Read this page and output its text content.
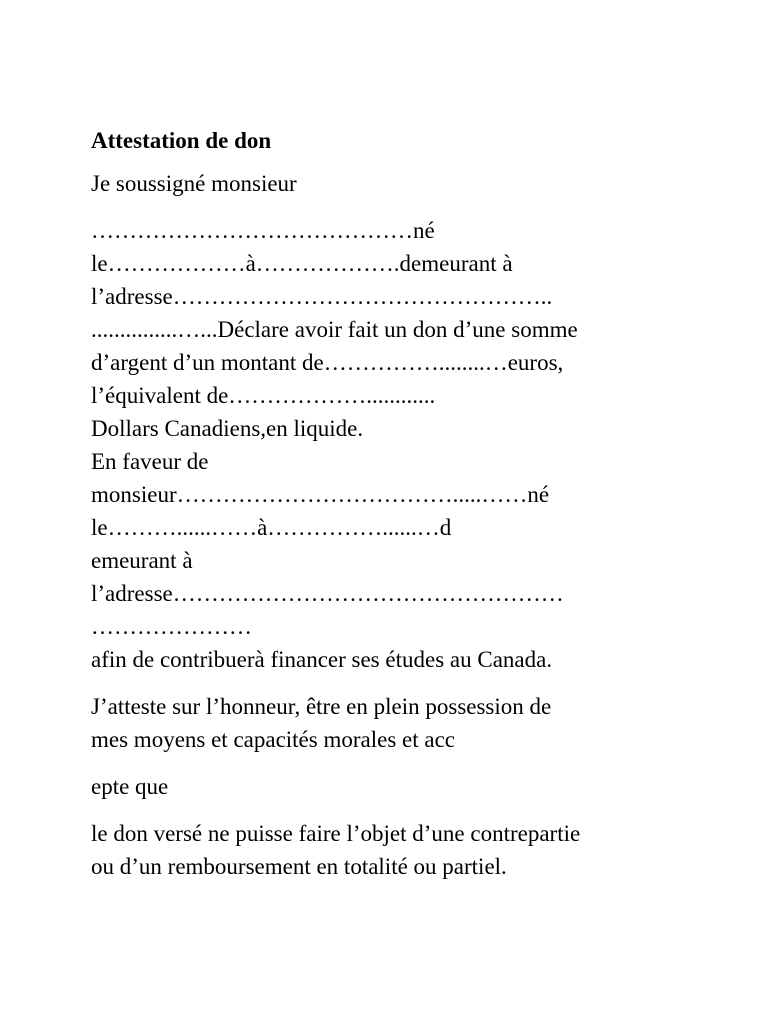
Attestation de don
Je soussigné monsieur
……………………………………né
le………………à……………….demeurant à
l’adresse…………………………………………..
...............…...Déclare avoir fait un don d’une somme
d’argent d’un montant de……………........…euros,
l’équivalent de………………............
Dollars Canadiens,en liquide.
En faveur de
monsieur……………………………….....……né
le………......……à……………......…d
emeurant à
l’adresse……………………………………………
…………………
afin de contribuerà financer ses études au Canada.
J’atteste sur l’honneur, être en plein possession de
mes moyens et capacités morales et acc
epte que
le don versé ne puisse faire l’objet d’une contrepartie
ou d’un remboursement en totalité ou partiel.
